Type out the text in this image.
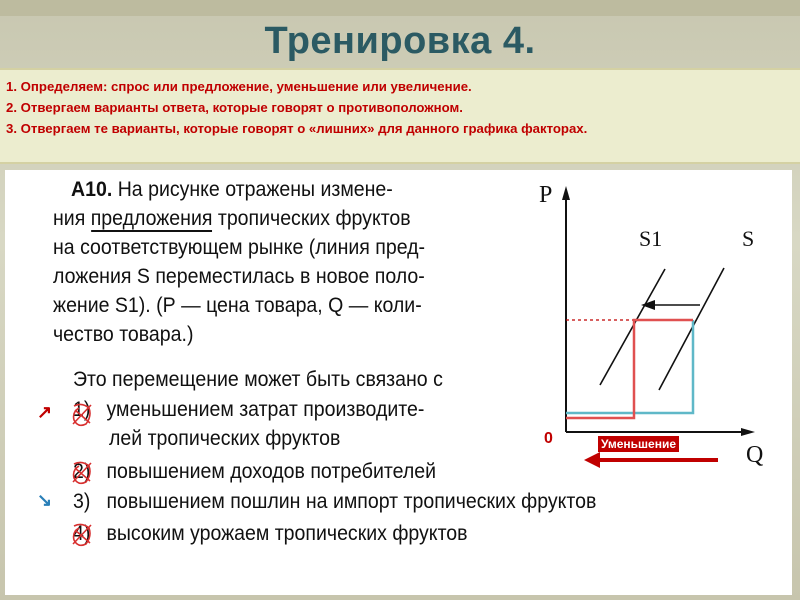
Тренировка 4.
1. Определяем: спрос или предложение, уменьшение или увеличение.
2. Отвергаем варианты ответа, которые говорят о противоположном.
3. Отвергаем те варианты, которые говорят о «лишних» для данного графика факторах.
А10. На рисунке отражены измене-
ния предложения тропических фруктов
на соответствующем рынке (линия пред-
ложения S переместилась в новое поло-
жение S1). (Р — цена товара, Q — коли-
чество товара.)
Это перемещение может быть связано с
↗ 1) уменьшением затрат производите-
лей тропических фруктов
2) повышением доходов потребителей
↘ 3) повышением пошлин на импорт тропических фруктов
4) высоким урожаем тропических фруктов
P
Q
S1	S
0	Уменьшение
